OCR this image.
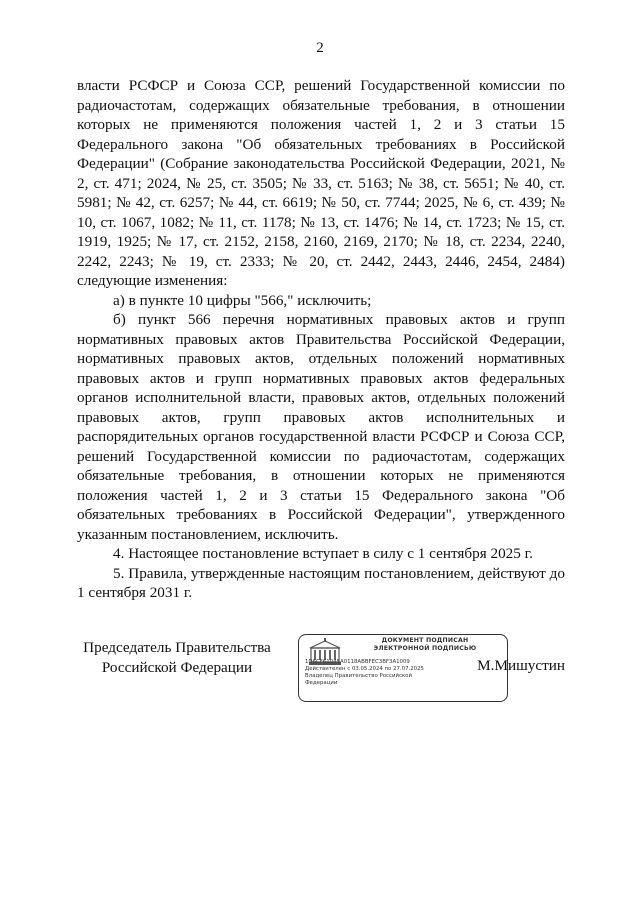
2

власти РСФСР и Союза ССР, решений Государственной комиссии по радиочастотам, содержащих обязательные требования, в отношении которых не применяются положения частей 1, 2 и 3 статьи 15 Федерального закона "Об обязательных требованиях в Российской Федерации" (Собрание законодательства Российской Федерации, 2021, № 2, ст. 471; 2024, № 25, ст. 3505; № 33, ст. 5163; № 38, ст. 5651; № 40, ст. 5981; № 42, ст. 6257; № 44, ст. 6619; № 50, ст. 7744; 2025, № 6, ст. 439; № 10, ст. 1067, 1082; № 11, ст. 1178; № 13, ст. 1476; № 14, ст. 1723; № 15, ст. 1919, 1925; № 17, ст. 2152, 2158, 2160, 2169, 2170; № 18, ст. 2234, 2240, 2242, 2243; № 19, ст. 2333; № 20, ст. 2442, 2443, 2446, 2454, 2484) следующие изменения:

а) в пункте 10 цифры "566," исключить;

б) пункт 566 перечня нормативных правовых актов и групп нормативных правовых актов Правительства Российской Федерации, нормативных правовых актов, отдельных положений нормативных правовых актов и групп нормативных правовых актов федеральных органов исполнительной власти, правовых актов, отдельных положений правовых актов, групп правовых актов исполнительных и распорядительных органов государственной власти РСФСР и Союза ССР, решений Государственной комиссии по радиочастотам, содержащих обязательные требования, в отношении которых не применяются положения частей 1, 2 и 3 статьи 15 Федерального закона "Об обязательных требованиях в Российской Федерации", утвержденного указанным постановлением, исключить.

4. Настоящее постановление вступает в силу с 1 сентября 2025 г.

5. Правила, утвержденные настоящим постановлением, действуют до 1 сентября 2031 г.

Председатель Правительства
Российской Федерации
ДОКУМЕНТ ПОДПИСАН
ЭЛЕКТРОННОЙ ПОДПИСЬЮ
1D6CF61045A0118ABBFEC3BF3A1009
Действителен с 03.05.2024 по 27.07.2025
Владелец Правительство Российской
Федерации
М.Мишустин
